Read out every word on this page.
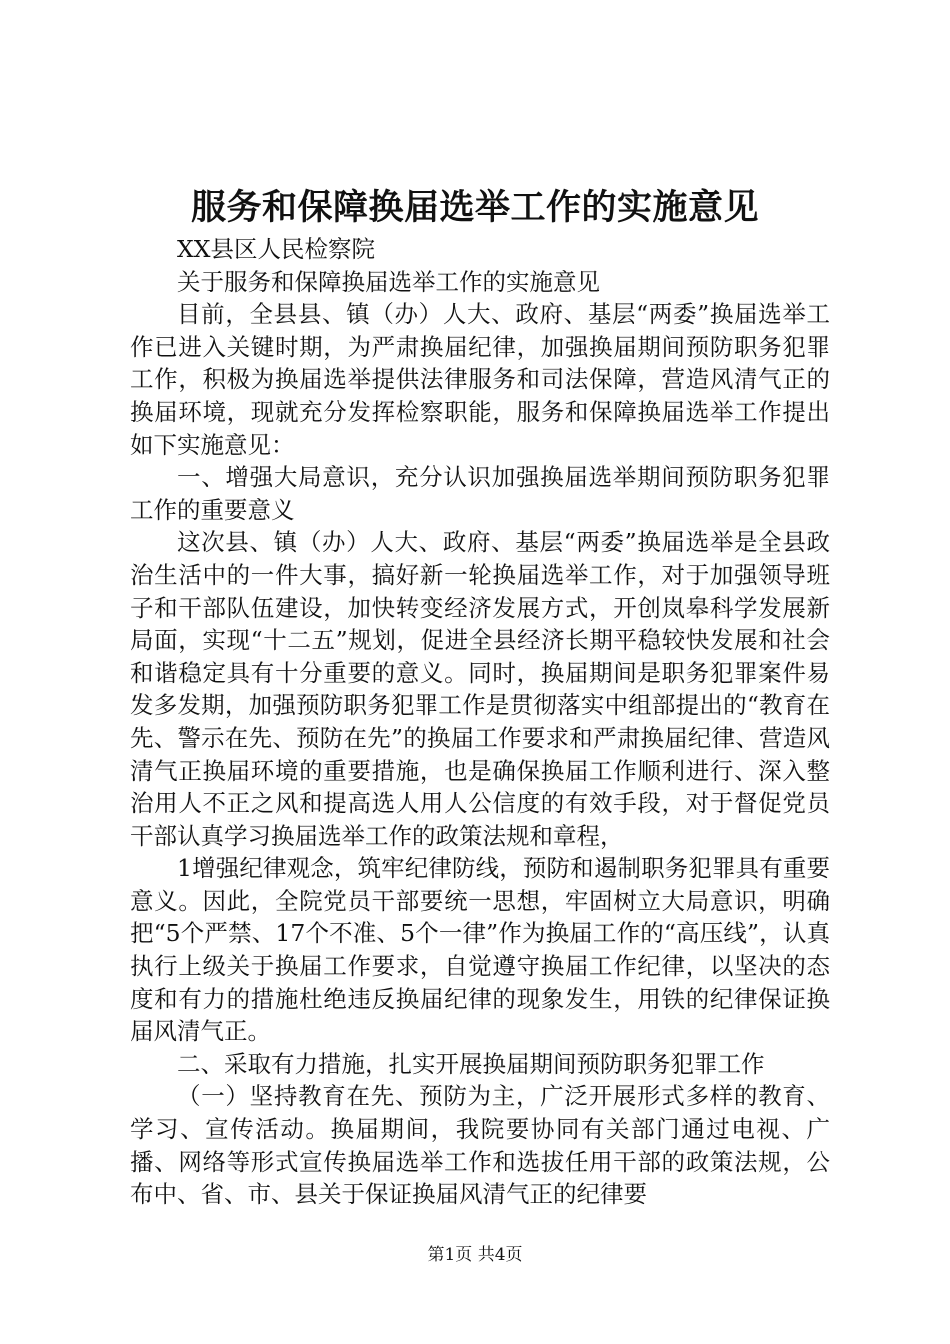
服务和保障换届选举工作的实施意见

XX县区人民检察院

关于服务和保障换届选举工作的实施意见

目前，全县县、镇（办）人大、政府、基层“两委”换届选举工作已进入关键时期，为严肃换届纪律，加强换届期间预防职务犯罪工作，积极为换届选举提供法律服务和司法保障，营造风清气正的换届环境，现就充分发挥检察职能，服务和保障换届选举工作提出如下实施意见：

一、增强大局意识，充分认识加强换届选举期间预防职务犯罪工作的重要意义

这次县、镇（办）人大、政府、基层“两委”换届选举是全县政治生活中的一件大事，搞好新一轮换届选举工作，对于加强领导班子和干部队伍建设，加快转变经济发展方式，开创岚皋科学发展新局面，实现“十二五”规划，促进全县经济长期平稳较快发展和社会和谐稳定具有十分重要的意义。同时，换届期间是职务犯罪案件易发多发期，加强预防职务犯罪工作是贯彻落实中组部提出的“教育在先、警示在先、预防在先”的换届工作要求和严肃换届纪律、营造风清气正换届环境的重要措施，也是确保换届工作顺利进行、深入整治用人不正之风和提高选人用人公信度的有效手段，对于督促党员干部认真学习换届选举工作的政策法规和章程，

1增强纪律观念，筑牢纪律防线，预防和遏制职务犯罪具有重要意义。因此，全院党员干部要统一思想，牢固树立大局意识，明确把“5个严禁、17个不准、5个一律”作为换届工作的“高压线”，认真执行上级关于换届工作要求，自觉遵守换届工作纪律，以坚决的态度和有力的措施杜绝违反换届纪律的现象发生，用铁的纪律保证换届风清气正。

二、采取有力措施，扎实开展换届期间预防职务犯罪工作

（一）坚持教育在先、预防为主，广泛开展形式多样的教育、学习、宣传活动。换届期间，我院要协同有关部门通过电视、广播、网络等形式宣传换届选举工作和选拔任用干部的政策法规，公布中、省、市、县关于保证换届风清气正的纪律要

第1页 共4页
